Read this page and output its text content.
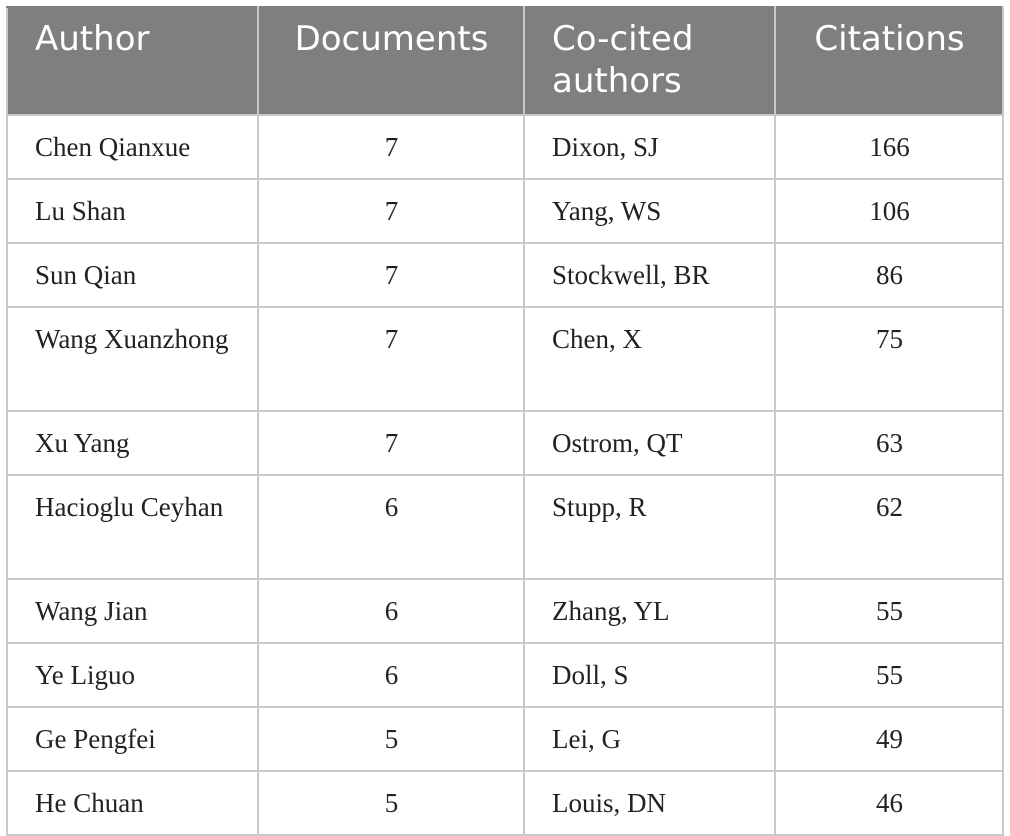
Author	Documents	Co-cited authors	Citations
Chen Qianxue	7	Dixon, SJ	166
Lu Shan	7	Yang, WS	106
Sun Qian	7	Stockwell, BR	86
Wang Xuanzhong	7	Chen, X	75
Xu Yang	7	Ostrom, QT	63
Hacioglu Ceyhan	6	Stupp, R	62
Wang Jian	6	Zhang, YL	55
Ye Liguo	6	Doll, S	55
Ge Pengfei	5	Lei, G	49
He Chuan	5	Louis, DN	46
